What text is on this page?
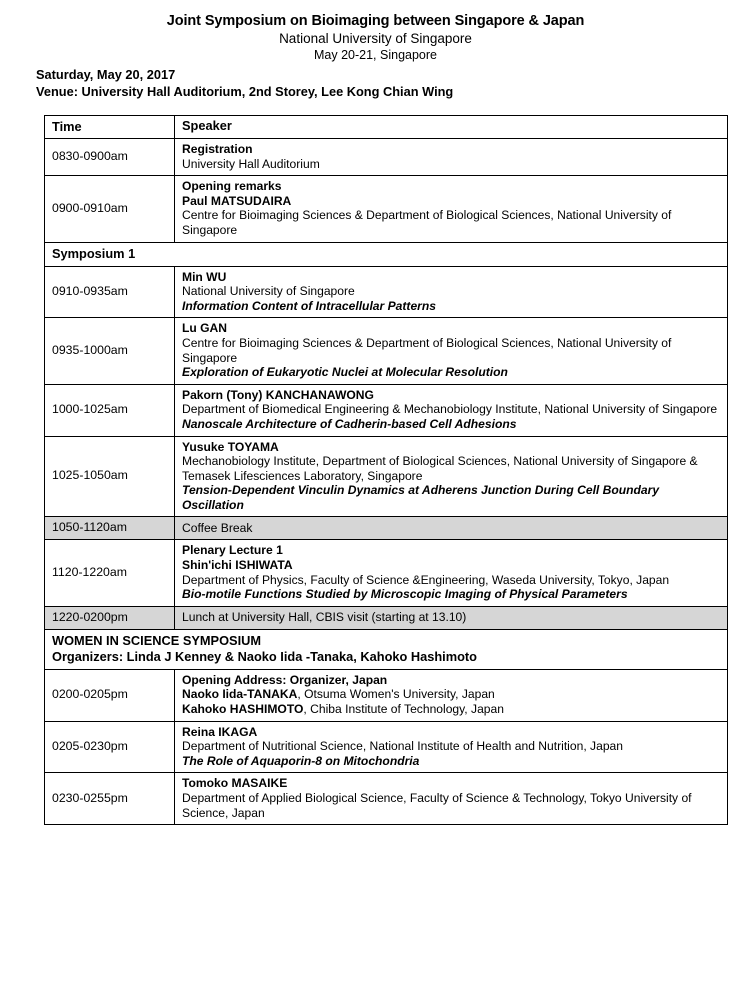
Joint Symposium on Bioimaging between Singapore & Japan
National University of Singapore
May 20-21, Singapore
Saturday, May 20, 2017
Venue: University Hall Auditorium, 2nd Storey, Lee Kong Chian Wing
Time	Speaker
0830-0900am	Registration
University Hall Auditorium

0900-0910am	Opening remarks
Paul MATSUDAIRA
Centre for Bioimaging Sciences & Department of Biological Sciences, National University of Singapore

Symposium 1	

0910-0935am	Min WU
National University of Singapore
Information Content of Intracellular Patterns

0935-1000am	Lu GAN
Centre for Bioimaging Sciences & Department of Biological Sciences, National University of Singapore
Exploration of Eukaryotic Nuclei at Molecular Resolution

1000-1025am	Pakorn (Tony) KANCHANAWONG
Department of Biomedical Engineering & Mechanobiology Institute, National University of Singapore
Nanoscale Architecture of Cadherin-based Cell Adhesions

1025-1050am	Yusuke TOYAMA
Mechanobiology Institute, Department of Biological Sciences, National University of Singapore & Temasek Lifesciences Laboratory, Singapore
Tension-Dependent Vinculin Dynamics at Adherens Junction During Cell Boundary Oscillation

1050-1120am	Coffee Break

1120-1220am	Plenary Lecture 1
Shin'ichi ISHIWATA
Department of Physics, Faculty of Science &Engineering, Waseda University, Tokyo, Japan
Bio-motile Functions Studied by Microscopic Imaging of Physical Parameters

1220-0200pm	Lunch at University Hall, CBIS visit (starting at 13.10)

WOMEN IN SCIENCE SYMPOSIUM
Organizers: Linda J Kenney & Naoko Iida -Tanaka, Kahoko Hashimoto	

0200-0205pm	Opening Address: Organizer, Japan
Naoko Iida-TANAKA, Otsuma Women's University, Japan
Kahoko HASHIMOTO, Chiba Institute of Technology, Japan

0205-0230pm	Reina IKAGA
Department of Nutritional Science, National Institute of Health and Nutrition, Japan
The Role of Aquaporin-8 on Mitochondria

0230-0255pm	Tomoko MASAIKE
Department of Applied Biological Science, Faculty of Science & Technology, Tokyo University of Science, Japan
